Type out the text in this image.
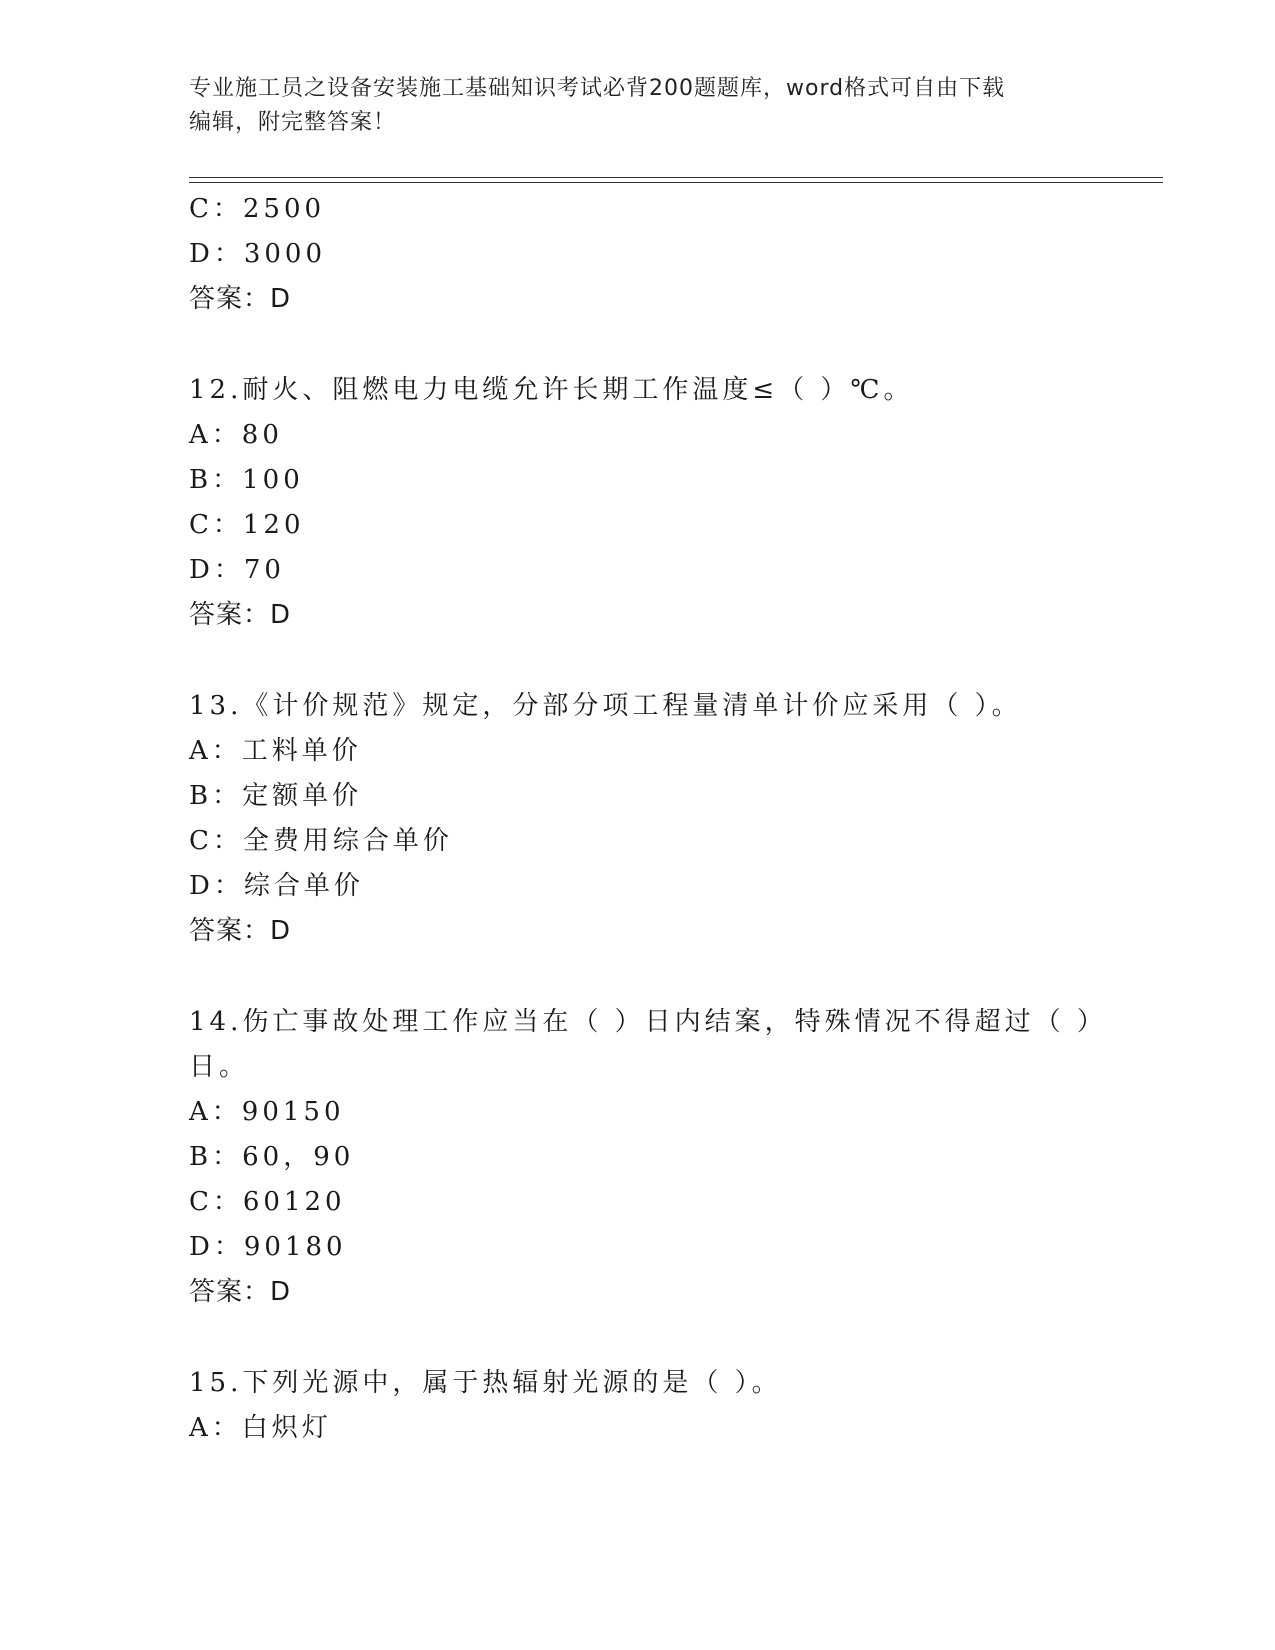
专业施工员之设备安装施工基础知识考试必背200题题库，word格式可自由下载
编辑，附完整答案！
C：2500
D：3000
答案：D
12.耐火、阻燃电力电缆允许长期工作温度≤（ ）℃。
A：80
B：100
C：120
D：70
答案：D
13.《计价规范》规定，分部分项工程量清单计价应采用（ ）。
A：工料单价
B：定额单价
C：全费用综合单价
D：综合单价
答案：D
14.伤亡事故处理工作应当在（ ）日内结案，特殊情况不得超过（ ）
日。
A：90150
B：60，90
C：60120
D：90180
答案：D
15.下列光源中，属于热辐射光源的是（ ）。
A：白炽灯
